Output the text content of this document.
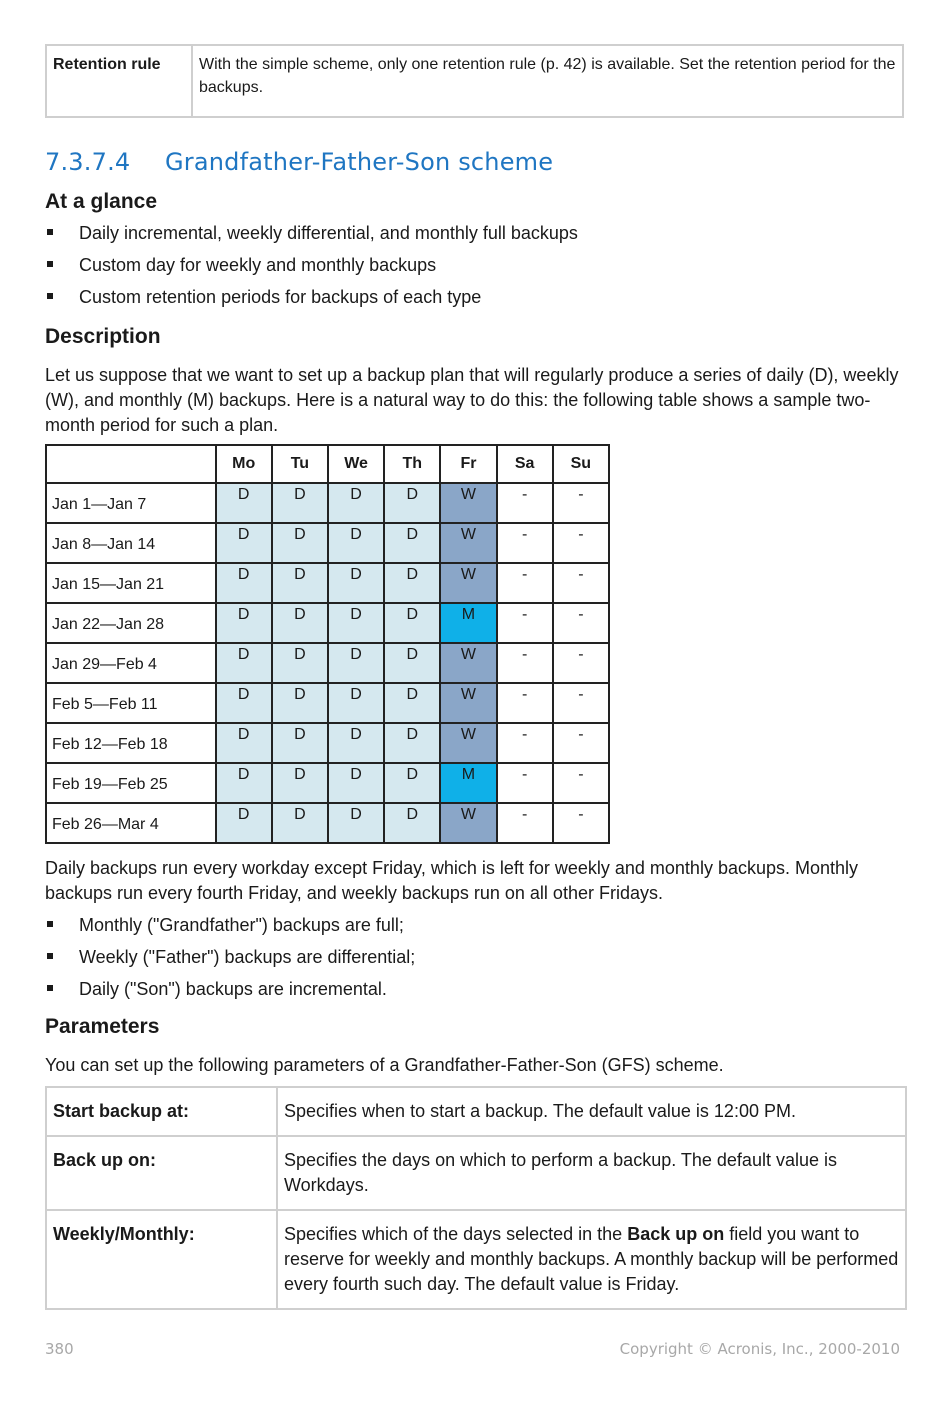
Retention rule	With the simple scheme, only one retention rule (p. 42) is available. Set the retention period for the backups.
7.3.7.4 Grandfather-Father-Son scheme
At a glance
Daily incremental, weekly differential, and monthly full backups
Custom day for weekly and monthly backups
Custom retention periods for backups of each type
Description

Let us suppose that we want to set up a backup plan that will regularly produce a series of daily (D), weekly (W), and monthly (M) backups. Here is a natural way to do this: the following table shows a sample two-month period for such a plan.

	Mo	Tu	We	Th	Fr	Sa	Su
Jan 1—Jan 7	D	D	D	D	W	-	-
Jan 8—Jan 14	D	D	D	D	W	-	-
Jan 15—Jan 21	D	D	D	D	W	-	-
Jan 22—Jan 28	D	D	D	D	M	-	-
Jan 29—Feb 4	D	D	D	D	W	-	-
Feb 5—Feb 11	D	D	D	D	W	-	-
Feb 12—Feb 18	D	D	D	D	W	-	-
Feb 19—Feb 25	D	D	D	D	M	-	-
Feb 26—Mar 4	D	D	D	D	W	-	-

Daily backups run every workday except Friday, which is left for weekly and monthly backups. Monthly backups run every fourth Friday, and weekly backups run on all other Fridays.

Monthly ("Grandfather") backups are full;
Weekly ("Father") backups are differential;
Daily ("Son") backups are incremental.
Parameters

You can set up the following parameters of a Grandfather-Father-Son (GFS) scheme.

Start backup at:	Specifies when to start a backup. The default value is 12:00 PM.
Back up on:	Specifies the days on which to perform a backup. The default value is Workdays.
Weekly/Monthly:	Specifies which of the days selected in the Back up on field you want to reserve for weekly and monthly backups. A monthly backup will be performed every fourth such day. The default value is Friday.
380	Copyright © Acronis, Inc., 2000-2010
